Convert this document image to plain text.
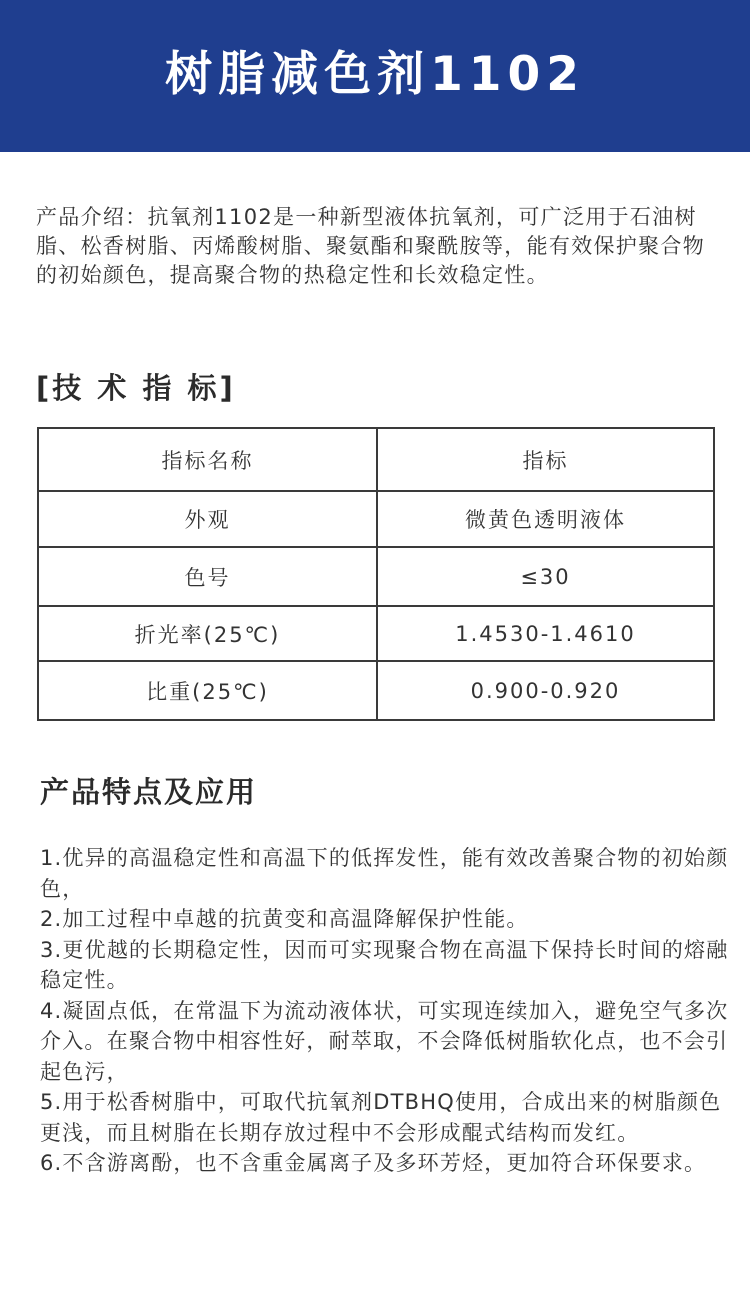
树脂减色剂1102
产品介绍：抗氧剂1102是一种新型液体抗氧剂，可广泛用于石油树脂、松香树脂、丙烯酸树脂、聚氨酯和聚酰胺等，能有效保护聚合物的初始颜色，提高聚合物的热稳定性和长效稳定性。
[技 术 指 标]
指标名称	指标
外观	微黄色透明液体
色号	≤30
折光率(25℃)	1.4530-1.4610
比重(25℃)	0.900-0.920
产品特点及应用

1.优异的高温稳定性和高温下的低挥发性，能有效改善聚合物的初始颜色，

2.加工过程中卓越的抗黄变和高温降解保护性能。

3.更优越的长期稳定性，因而可实现聚合物在高温下保持长时间的熔融稳定性。

4.凝固点低，在常温下为流动液体状，可实现连续加入，避免空气多次介入。在聚合物中相容性好，耐萃取，不会降低树脂软化点，也不会引起色污，

5.用于松香树脂中，可取代抗氧剂DTBHQ使用，合成出来的树脂颜色更浅，而且树脂在长期存放过程中不会形成醌式结构而发红。

6.不含游离酚，也不含重金属离子及多环芳烃，更加符合环保要求。
